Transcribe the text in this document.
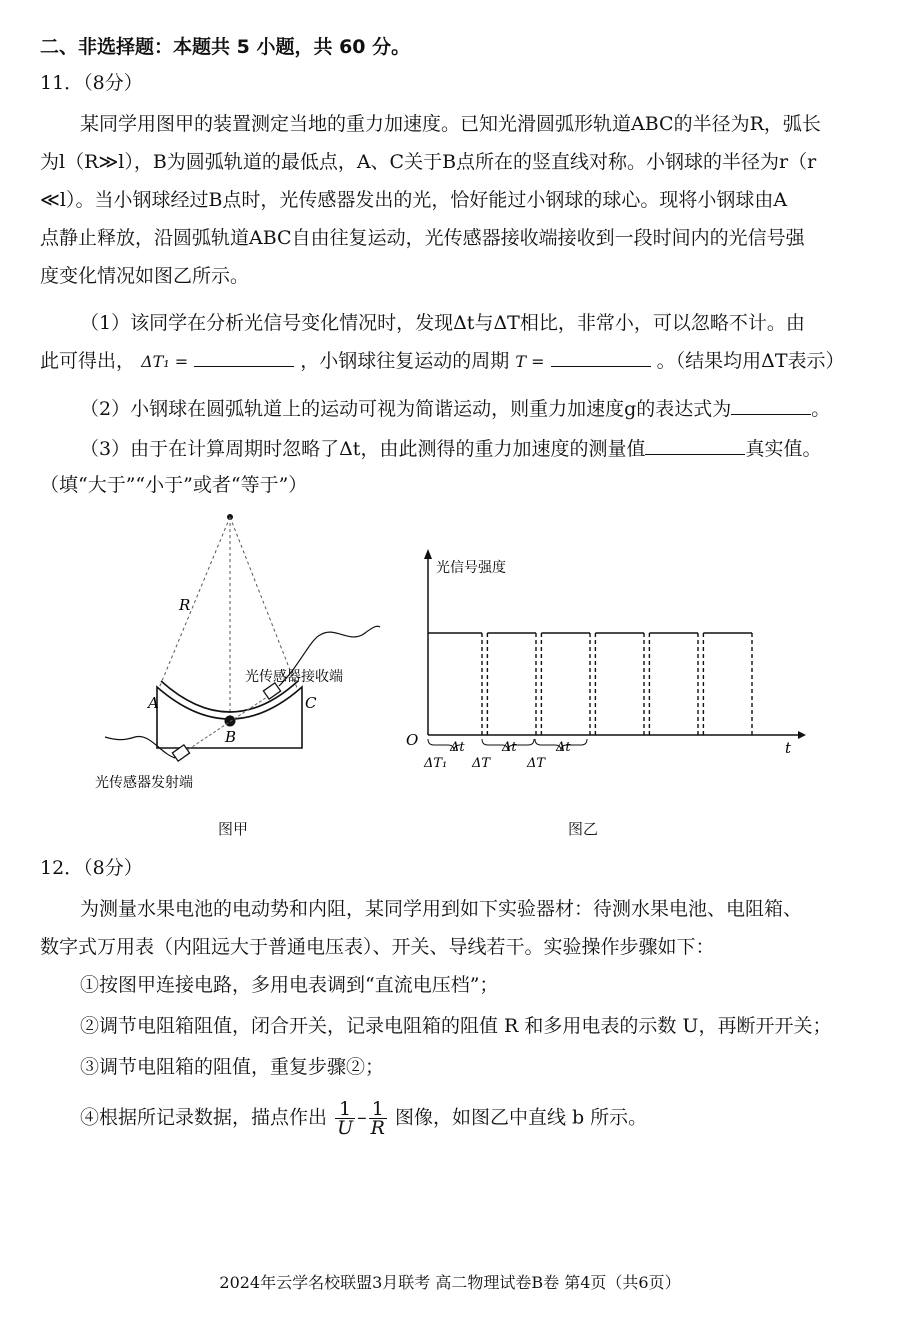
二、非选择题：本题共 5 小题，共 60 分。
11．（8分）
某同学用图甲的装置测定当地的重力加速度。已知光滑圆弧形轨道ABC的半径为R，弧长
为l（R≫l），B为圆弧轨道的最低点，A、C关于B点所在的竖直线对称。小钢球的半径为r（r
≪l）。当小钢球经过B点时，光传感器发出的光，恰好能过小钢球的球心。现将小钢球由A
点静止释放，沿圆弧轨道ABC自由往复运动，光传感器接收端接收到一段时间内的光信号强
度变化情况如图乙所示。
（1）该同学在分析光信号变化情况时，发现Δt与ΔT相比，非常小，可以忽略不计。由
此可得出， ΔT₁ =	，小钢球往复运动的周期 T =	。（结果均用ΔT表示）
（2）小钢球在圆弧轨道上的运动可视为简谐运动，则重力加速度g的表达式为	。
（3）由于在计算周期时忽略了Δt，由此测得的重力加速度的测量值	真实值。
（填“大于”“小于”或者“等于”）
R
A
B
C
光传感器接收端
光传感器发射端
图甲
光信号强度
t
O
ΔT₁
Δt
ΔT
Δt
ΔT
Δt
图乙
12．（8分）
为测量水果电池的电动势和内阻，某同学用到如下实验器材：待测水果电池、电阻箱、
数字式万用表（内阻远大于普通电压表）、开关、导线若干。实验操作步骤如下：
①按图甲连接电路，多用电表调到“直流电压档”；
②调节电阻箱阻值，闭合开关，记录电阻箱的阻值 R 和多用电表的示数 U，再断开开关；
③调节电阻箱的阻值，重复步骤②；
④根据所记录数据，描点作出 $\frac{1}{U} - \frac{1}{R}$ 图像，如图乙中直线 b 所示。
2024年云学名校联盟3月联考 高二物理试卷B卷 第4页（共6页）
